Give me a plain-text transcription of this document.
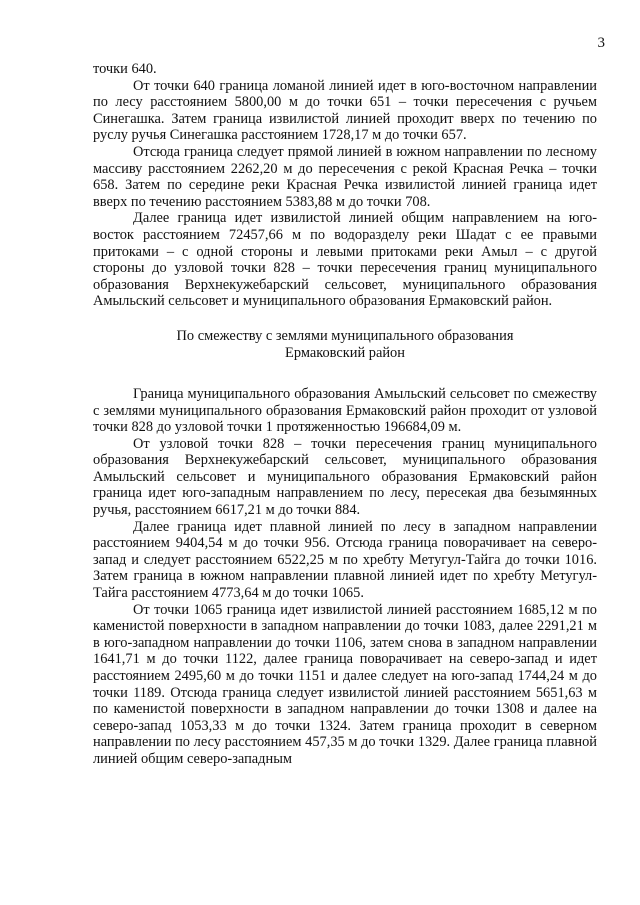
3

точки 640.

От точки 640 граница ломаной линией идет в юго-восточном направлении по лесу расстоянием 5800,00 м до точки 651 – точки пересечения с ручьем Синегашка. Затем граница извилистой линией проходит вверх по течению по руслу ручья Синегашка расстоянием 1728,17 м до точки 657.

Отсюда граница следует прямой линией в южном направлении по лесному массиву расстоянием 2262,20 м до пересечения с рекой Красная Речка – точки 658. Затем по середине реки Красная Речка извилистой линией граница идет вверх по течению расстоянием 5383,88 м до точки 708.

Далее граница идет извилистой линией общим направлением на юго-восток расстоянием 72457,66 м по водоразделу реки Шадат с ее правыми притоками – с одной стороны и левыми притоками реки Амыл – с другой стороны до узловой точки 828 – точки пересечения границ муниципального образования Верхнекужебарский сельсовет, муниципального образования Амыльский сельсовет и муниципального образования Ермаковский район.

По смежеству с землями муниципального образования
Ермаковский район

Граница муниципального образования Амыльский сельсовет по смежеству с землями муниципального образования Ермаковский район проходит от узловой точки 828 до узловой точки 1 протяженностью 196684,09 м.

От узловой точки 828 – точки пересечения границ муниципального образования Верхнекужебарский сельсовет, муниципального образования Амыльский сельсовет и муниципального образования Ермаковский район граница идет юго-западным направлением по лесу, пересекая два безымянных ручья, расстоянием 6617,21 м до точки 884.

Далее граница идет плавной линией по лесу в западном направлении расстоянием 9404,54 м до точки 956. Отсюда граница поворачивает на северо-запад и следует расстоянием 6522,25 м по хребту Метугул-Тайга до точки 1016. Затем граница в южном направлении плавной линией идет по хребту Метугул-Тайга расстоянием 4773,64 м до точки 1065.

От точки 1065 граница идет извилистой линией расстоянием 1685,12 м по каменистой поверхности в западном направлении до точки 1083, далее 2291,21 м в юго-западном направлении до точки 1106, затем снова в западном направлении 1641,71 м до точки 1122, далее граница поворачивает на северо-запад и идет расстоянием 2495,60 м до точки 1151 и далее следует на юго-запад 1744,24 м до точки 1189. Отсюда граница следует извилистой линией расстоянием 5651,63 м по каменистой поверхности в западном направлении до точки 1308 и далее на северо-запад 1053,33 м до точки 1324. Затем граница проходит в северном направлении по лесу расстоянием 457,35 м до точки 1329. Далее граница плавной линией общим северо-западным
